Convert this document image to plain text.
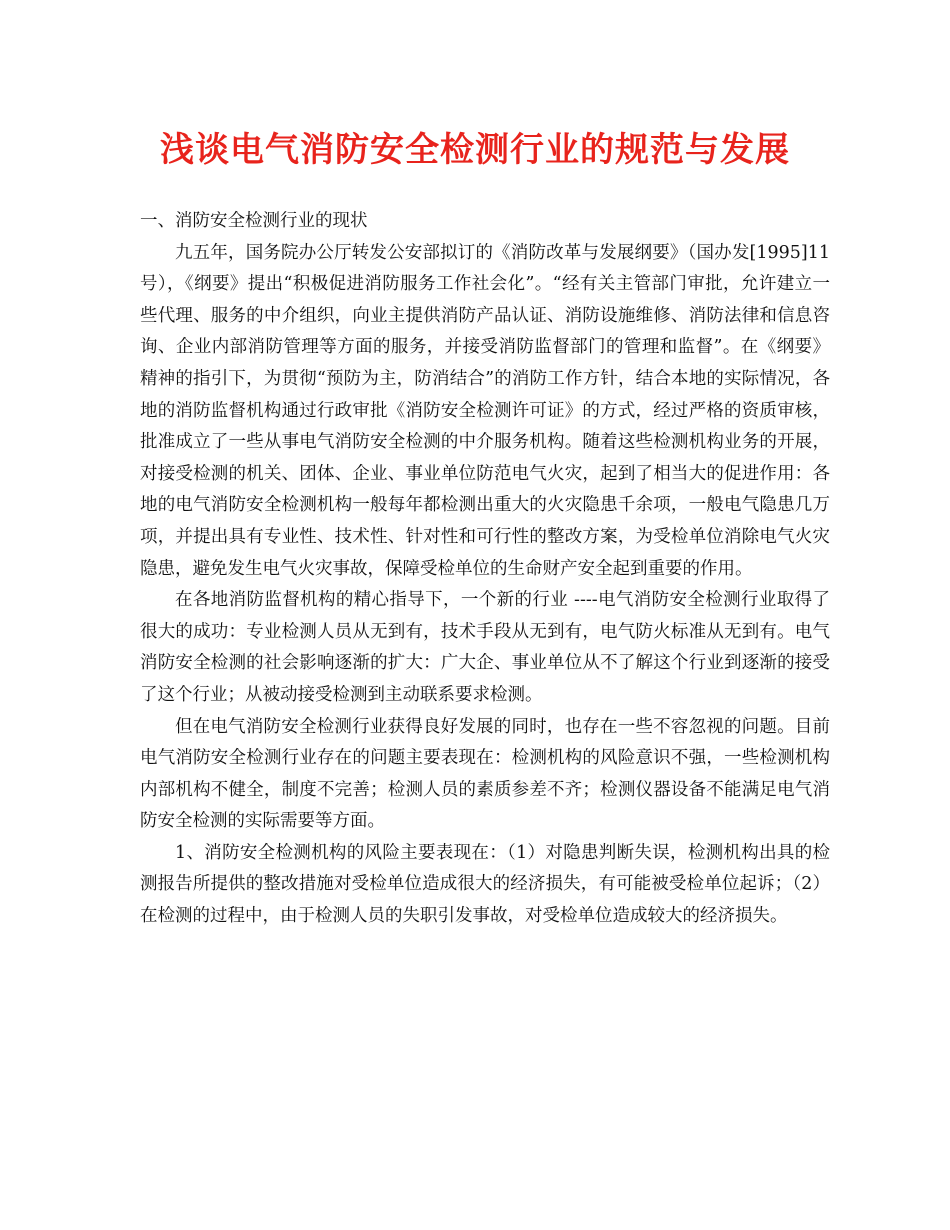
浅谈电气消防安全检测行业的规范与发展

一、消防安全检测行业的现状

九五年，国务院办公厅转发公安部拟订的《消防改革与发展纲要》（国办发[1995]11号），《纲要》提出“积极促进消防服务工作社会化”。“经有关主管部门审批，允许建立一些代理、服务的中介组织，向业主提供消防产品认证、消防设施维修、消防法律和信息咨询、企业内部消防管理等方面的服务，并接受消防监督部门的管理和监督”。在《纲要》精神的指引下，为贯彻“预防为主，防消结合”的消防工作方针，结合本地的实际情况，各地的消防监督机构通过行政审批《消防安全检测许可证》的方式，经过严格的资质审核，批准成立了一些从事电气消防安全检测的中介服务机构。随着这些检测机构业务的开展，对接受检测的机关、团体、企业、事业单位防范电气火灾，起到了相当大的促进作用：各地的电气消防安全检测机构一般每年都检测出重大的火灾隐患千余项，一般电气隐患几万项，并提出具有专业性、技术性、针对性和可行性的整改方案，为受检单位消除电气火灾隐患，避免发生电气火灾事故，保障受检单位的生命财产安全起到重要的作用。

在各地消防监督机构的精心指导下，一个新的行业 ----电气消防安全检测行业取得了很大的成功：专业检测人员从无到有，技术手段从无到有，电气防火标准从无到有。电气消防安全检测的社会影响逐渐的扩大：广大企、事业单位从不了解这个行业到逐渐的接受了这个行业；从被动接受检测到主动联系要求检测。

但在电气消防安全检测行业获得良好发展的同时，也存在一些不容忽视的问题。目前电气消防安全检测行业存在的问题主要表现在：检测机构的风险意识不强，一些检测机构内部机构不健全，制度不完善；检测人员的素质参差不齐；检测仪器设备不能满足电气消防安全检测的实际需要等方面。

1、消防安全检测机构的风险主要表现在：（1）对隐患判断失误，检测机构出具的检测报告所提供的整改措施对受检单位造成很大的经济损失，有可能被受检单位起诉；（2）在检测的过程中，由于检测人员的失职引发事故，对受检单位造成较大的经济损失。
